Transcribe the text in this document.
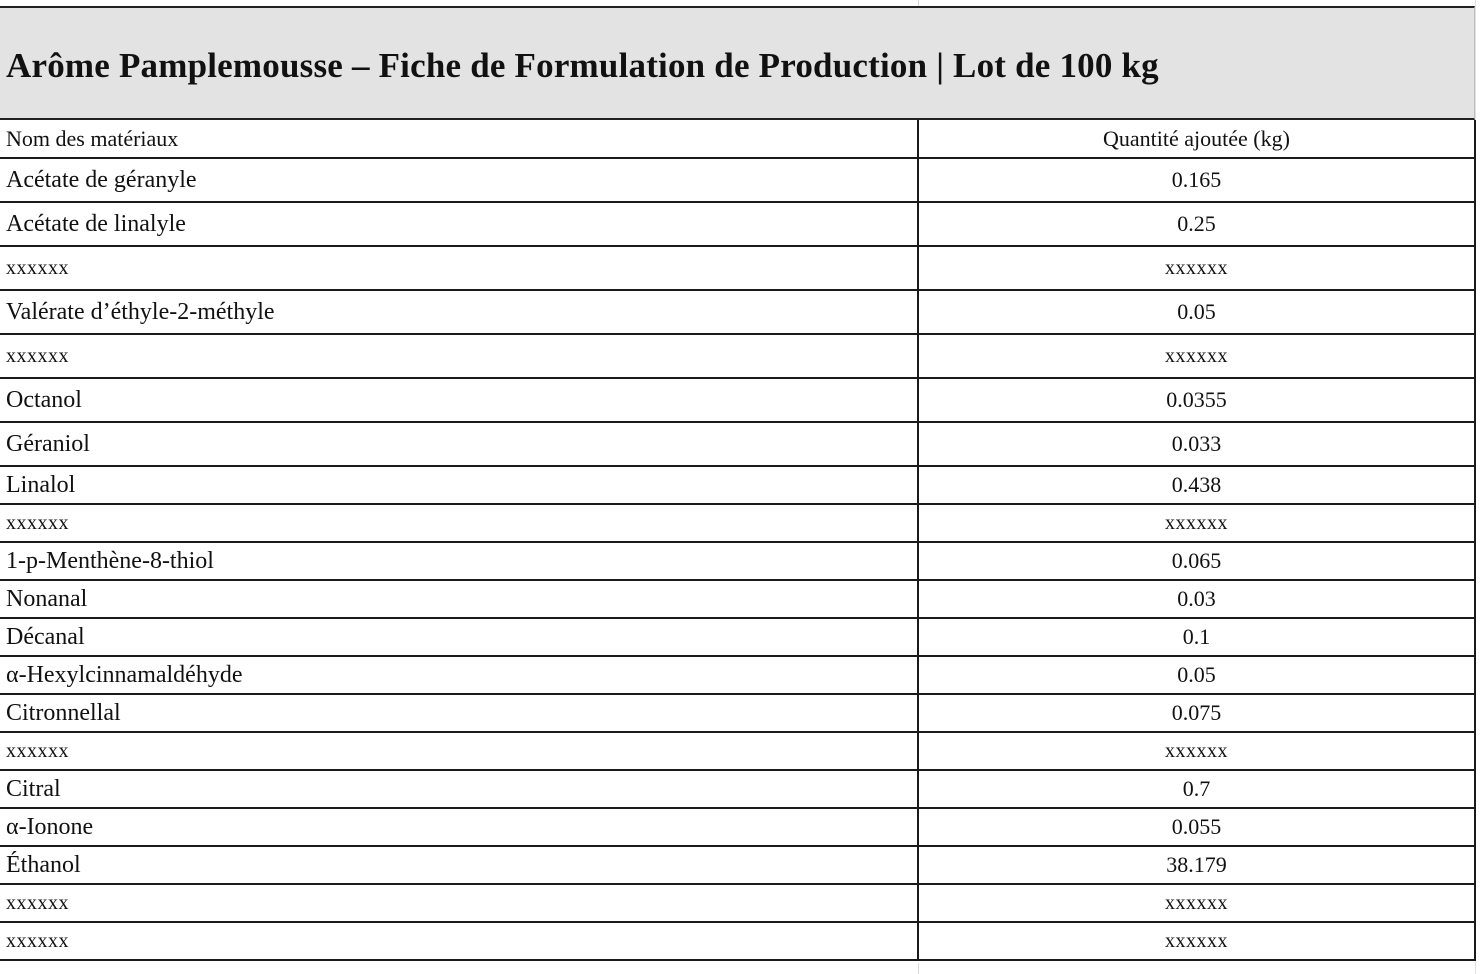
Arôme Pamplemousse – Fiche de Formulation de Production | Lot de 100 kg
Nom des matériaux	Quantité ajoutée (kg)
Acétate de géranyle	0.165
Acétate de linalyle	0.25
xxxxxx	xxxxxx
Valérate d’éthyle-2-méthyle	0.05
xxxxxx	xxxxxx
Octanol	0.0355
Géraniol	0.033
Linalol	0.438
xxxxxx	xxxxxx
1-p-Menthène-8-thiol	0.065
Nonanal	0.03
Décanal	0.1
α-Hexylcinnamaldéhyde	0.05
Citronnellal	0.075
xxxxxx	xxxxxx
Citral	0.7
α-Ionone	0.055
Éthanol	38.179
xxxxxx	xxxxxx
xxxxxx	xxxxxx
